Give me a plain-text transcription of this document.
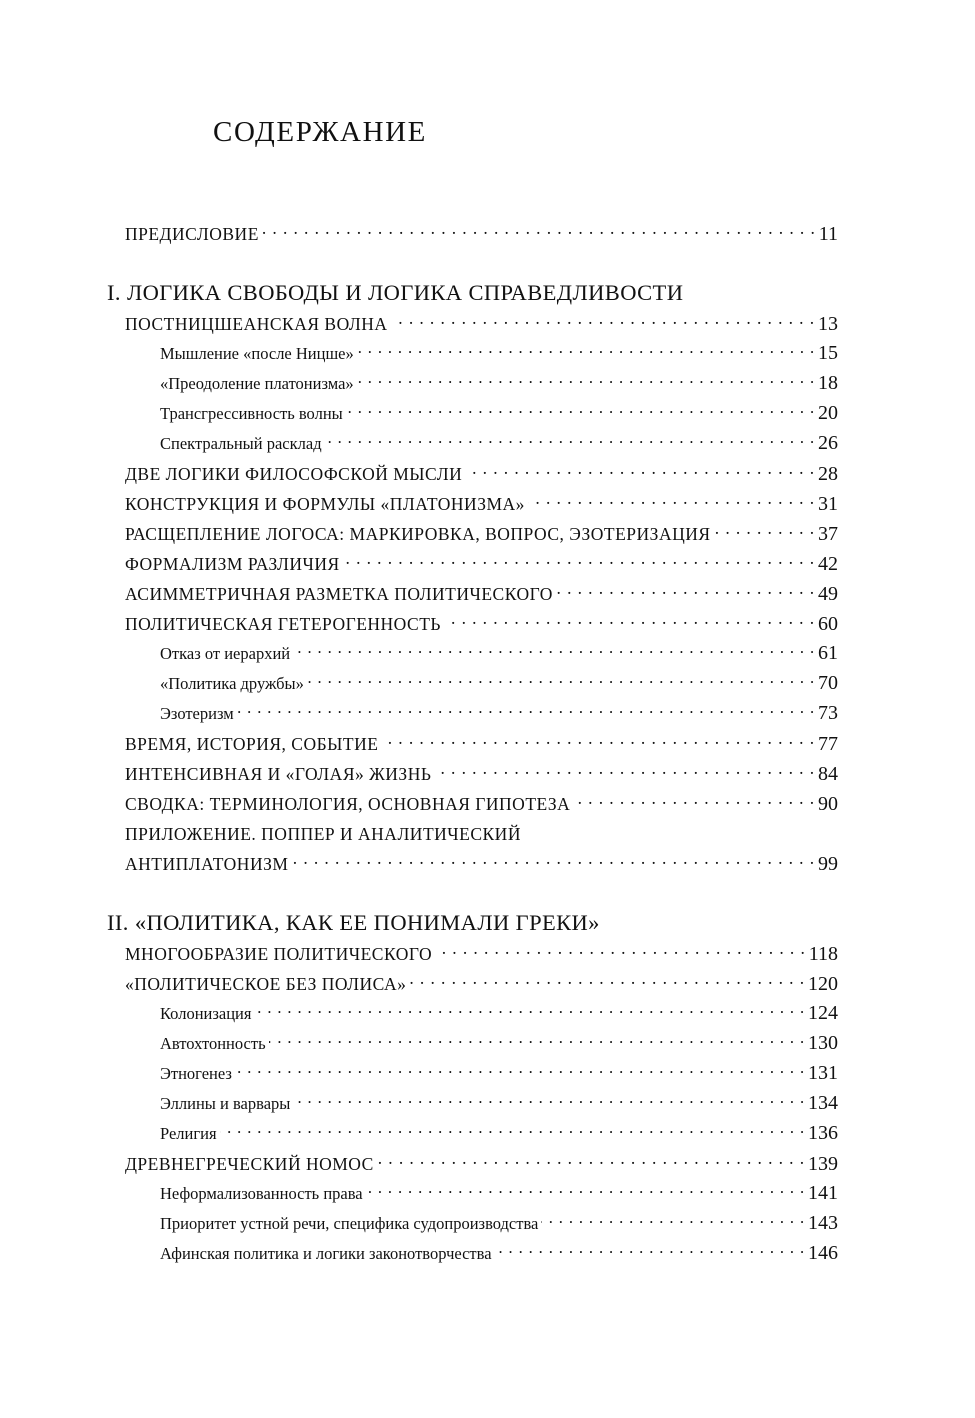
СОДЕРЖАНИЕ
ПРЕДИСЛОВИЕ . . .	11
I. ЛОГИКА СВОБОДЫ И ЛОГИКА СПРАВЕДЛИВОСТИ
ПОСТНИЦШЕАНСКАЯ ВОЛНА . . .	13
Мышление «после Ницше» . . .	15
«Преодоление платонизма» . . .	18
Трансгрессивность волны . . .	20
Спектральный расклад . . .	26
ДВЕ ЛОГИКИ ФИЛОСОФСКОЙ МЫСЛИ . . .	28
КОНСТРУКЦИЯ И ФОРМУЛЫ «ПЛАТОНИЗМА» . . .	31
РАСЩЕПЛЕНИЕ ЛОГОСА: МАРКИРОВКА, ВОПРОС, ЭЗОТЕРИЗАЦИЯ . . .	37
ФОРМАЛИЗМ РАЗЛИЧИЯ . . .	42
АСИММЕТРИЧНАЯ РАЗМЕТКА ПОЛИТИЧЕСКОГО . . .	49
ПОЛИТИЧЕСКАЯ ГЕТЕРОГЕННОСТЬ . . .	60
Отказ от иерархий . . .	61
«Политика дружбы» . . .	70
Эзотеризм . . .	73
ВРЕМЯ, ИСТОРИЯ, СОБЫТИЕ . . .	77
ИНТЕНСИВНАЯ И «ГОЛАЯ» ЖИЗНЬ . . .	84
СВОДКА: ТЕРМИНОЛОГИЯ, ОСНОВНАЯ ГИПОТЕЗА . . .	90
ПРИЛОЖЕНИЕ. ПОППЕР И АНАЛИТИЧЕСКИЙ
АНТИПЛАТОНИЗМ . . .	99
II. «ПОЛИТИКА, КАК ЕЕ ПОНИМАЛИ ГРЕКИ»
МНОГООБРАЗИЕ ПОЛИТИЧЕСКОГО . . .	118
«ПОЛИТИЧЕСКОЕ БЕЗ ПОЛИСА» . . .	120
Колонизация . . .	124
Автохтонность . . .	130
Этногенез . . .	131
Эллины и варвары . . .	134
Религия . . .	136
ДРЕВНЕГРЕЧЕСКИЙ НОМОС . . .	139
Неформализованность права . . .	141
Приоритет устной речи, специфика судопроизводства . . .	143
Афинская политика и логики законотворчества . . .	146
